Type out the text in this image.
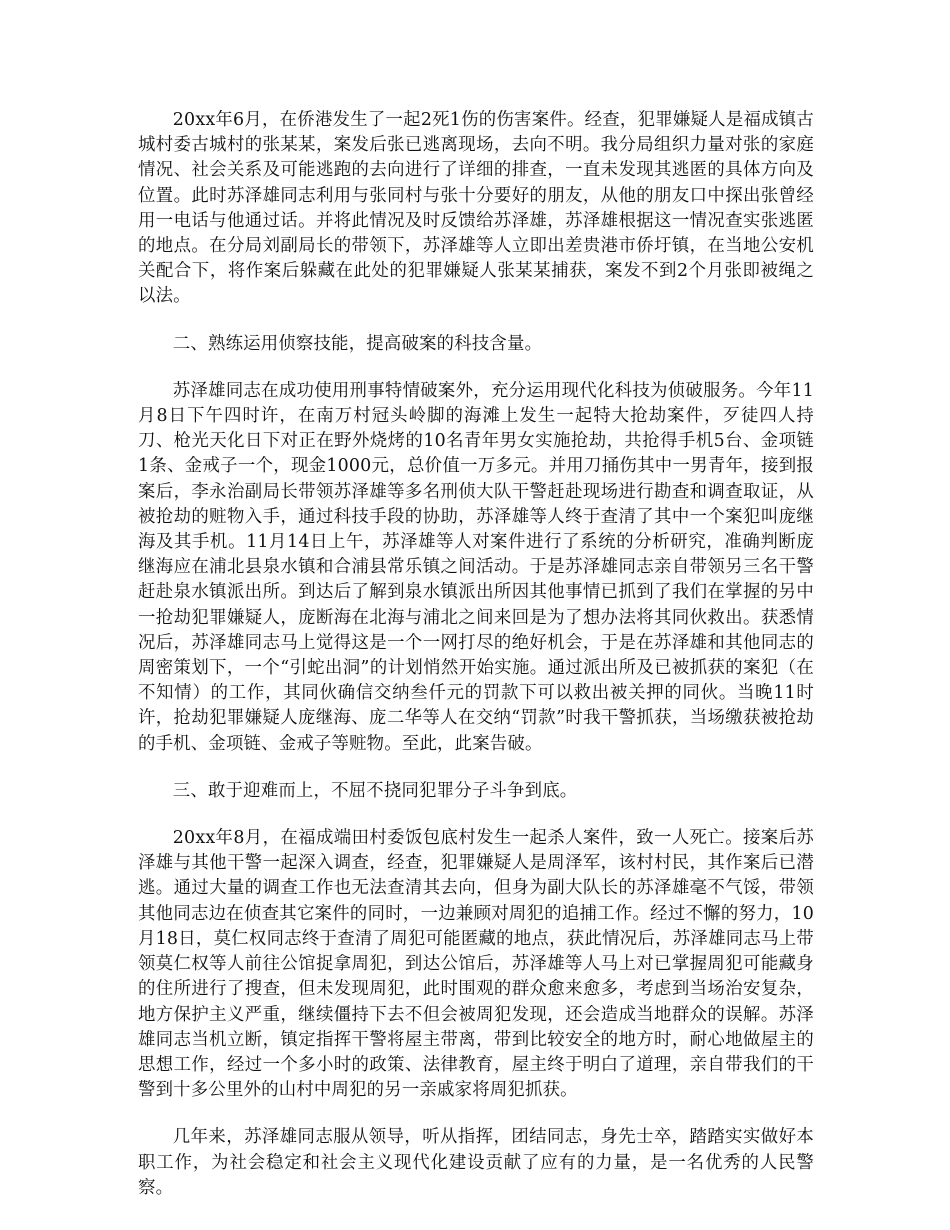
20xx年6月，在侨港发生了一起2死1伤的伤害案件。经查，犯罪嫌疑人是福成镇古城村委古城村的张某某，案发后张已逃离现场，去向不明。我分局组织力量对张的家庭情况、社会关系及可能逃跑的去向进行了详细的排查，一直未发现其逃匿的具体方向及位置。此时苏泽雄同志利用与张同村与张十分要好的朋友，从他的朋友口中探出张曾经用一电话与他通过话。并将此情况及时反馈给苏泽雄，苏泽雄根据这一情况查实张逃匿的地点。在分局刘副局长的带领下，苏泽雄等人立即出差贵港市侨圩镇，在当地公安机关配合下，将作案后躲藏在此处的犯罪嫌疑人张某某捕获，案发不到2个月张即被绳之以法。

二、熟练运用侦察技能，提高破案的科技含量。

苏泽雄同志在成功使用刑事特情破案外，充分运用现代化科技为侦破服务。今年11月8日下午四时许，在南万村冠头岭脚的海滩上发生一起特大抢劫案件，歹徒四人持刀、枪光天化日下对正在野外烧烤的10名青年男女实施抢劫，共抢得手机5台、金项链1条、金戒子一个，现金1000元，总价值一万多元。并用刀捅伤其中一男青年，接到报案后，李永治副局长带领苏泽雄等多名刑侦大队干警赶赴现场进行勘查和调查取证，从被抢劫的赃物入手，通过科技手段的协助，苏泽雄等人终于查清了其中一个案犯叫庞继海及其手机。11月14日上午，苏泽雄等人对案件进行了系统的分析研究，准确判断庞继海应在浦北县泉水镇和合浦县常乐镇之间活动。于是苏泽雄同志亲自带领另三名干警赶赴泉水镇派出所。到达后了解到泉水镇派出所因其他事情已抓到了我们在掌握的另中一抢劫犯罪嫌疑人，庞断海在北海与浦北之间来回是为了想办法将其同伙救出。获悉情况后，苏泽雄同志马上觉得这是一个一网打尽的绝好机会，于是在苏泽雄和其他同志的周密策划下，一个“引蛇出洞”的计划悄然开始实施。通过派出所及已被抓获的案犯（在不知情）的工作，其同伙确信交纳叁仟元的罚款下可以救出被关押的同伙。当晚11时许，抢劫犯罪嫌疑人庞继海、庞二华等人在交纳“罚款”时我干警抓获，当场缴获被抢劫的手机、金项链、金戒子等赃物。至此，此案告破。

三、敢于迎难而上，不屈不挠同犯罪分子斗争到底。

20xx年8月，在福成端田村委饭包底村发生一起杀人案件，致一人死亡。接案后苏泽雄与其他干警一起深入调查，经查，犯罪嫌疑人是周泽军，该村村民，其作案后已潜逃。通过大量的调查工作也无法查清其去向，但身为副大队长的苏泽雄毫不气馁，带领其他同志边在侦查其它案件的同时，一边兼顾对周犯的追捕工作。经过不懈的努力，10月18日，莫仁权同志终于查清了周犯可能匿藏的地点，获此情况后，苏泽雄同志马上带领莫仁权等人前往公馆捉拿周犯，到达公馆后，苏泽雄等人马上对已掌握周犯可能藏身的住所进行了搜查，但未发现周犯，此时围观的群众愈来愈多，考虑到当场治安复杂，地方保护主义严重，继续僵持下去不但会被周犯发现，还会造成当地群众的误解。苏泽雄同志当机立断，镇定指挥干警将屋主带离，带到比较安全的地方时，耐心地做屋主的思想工作，经过一个多小时的政策、法律教育，屋主终于明白了道理，亲自带我们的干警到十多公里外的山村中周犯的另一亲戚家将周犯抓获。

几年来，苏泽雄同志服从领导，听从指挥，团结同志，身先士卒，踏踏实实做好本职工作，为社会稳定和社会主义现代化建设贡献了应有的力量，是一名优秀的人民警察。
